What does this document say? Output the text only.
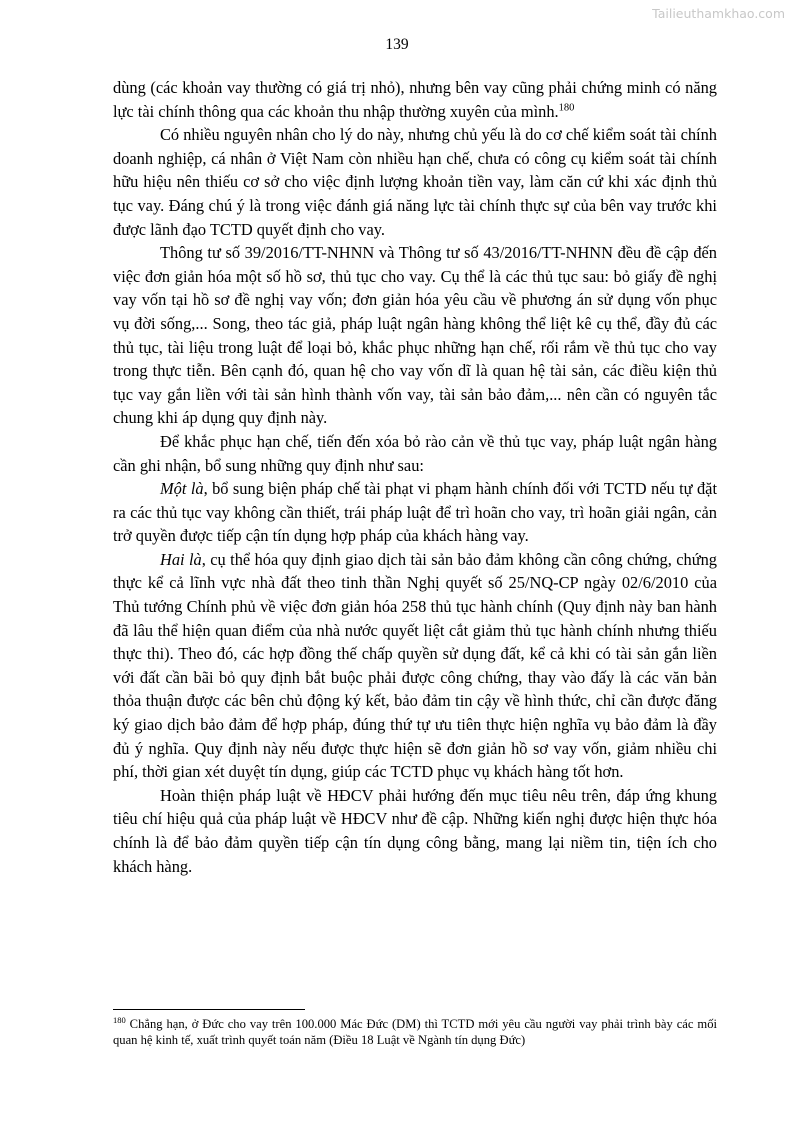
Tailieuthamkhao.com
139

dùng (các khoản vay thường có giá trị nhỏ), nhưng bên vay cũng phải chứng minh có năng lực tài chính thông qua các khoản thu nhập thường xuyên của mình.$^{180}$

Có nhiều nguyên nhân cho lý do này, nhưng chủ yếu là do cơ chế kiểm soát tài chính doanh nghiệp, cá nhân ở Việt Nam còn nhiều hạn chế, chưa có công cụ kiểm soát tài chính hữu hiệu nên thiếu cơ sở cho việc định lượng khoản tiền vay, làm căn cứ khi xác định thủ tục vay. Đáng chú ý là trong việc đánh giá năng lực tài chính thực sự của bên vay trước khi được lãnh đạo TCTD quyết định cho vay.

Thông tư số 39/2016/TT-NHNN và Thông tư số 43/2016/TT-NHNN đều đề cập đến việc đơn giản hóa một số hồ sơ, thủ tục cho vay. Cụ thể là các thủ tục sau: bỏ giấy đề nghị vay vốn tại hồ sơ đề nghị vay vốn; đơn giản hóa yêu cầu về phương án sử dụng vốn phục vụ đời sống,... Song, theo tác giả, pháp luật ngân hàng không thể liệt kê cụ thể, đầy đủ các thủ tục, tài liệu trong luật để loại bỏ, khắc phục những hạn chế, rối rắm về thủ tục cho vay trong thực tiễn. Bên cạnh đó, quan hệ cho vay vốn dĩ là quan hệ tài sản, các điều kiện thủ tục vay gắn liền với tài sản hình thành vốn vay, tài sản bảo đảm,... nên cần có nguyên tắc chung khi áp dụng quy định này.

Để khắc phục hạn chế, tiến đến xóa bỏ rào cản về thủ tục vay, pháp luật ngân hàng cần ghi nhận, bổ sung những quy định như sau:

Một là, bổ sung biện pháp chế tài phạt vi phạm hành chính đối với TCTD nếu tự đặt ra các thủ tục vay không cần thiết, trái pháp luật để trì hoãn cho vay, trì hoãn giải ngân, cản trở quyền được tiếp cận tín dụng hợp pháp của khách hàng vay.

Hai là, cụ thể hóa quy định giao dịch tài sản bảo đảm không cần công chứng, chứng thực kể cả lĩnh vực nhà đất theo tinh thần Nghị quyết số 25/NQ-CP ngày 02/6/2010 của Thủ tướng Chính phủ về việc đơn giản hóa 258 thủ tục hành chính (Quy định này ban hành đã lâu thể hiện quan điểm của nhà nước quyết liệt cắt giảm thủ tục hành chính nhưng thiếu thực thi). Theo đó, các hợp đồng thế chấp quyền sử dụng đất, kể cả khi có tài sản gắn liền với đất cần bãi bỏ quy định bắt buộc phải được công chứng, thay vào đấy là các văn bản thỏa thuận được các bên chủ động ký kết, bảo đảm tin cậy về hình thức, chỉ cần được đăng ký giao dịch bảo đảm để hợp pháp, đúng thứ tự ưu tiên thực hiện nghĩa vụ bảo đảm là đầy đủ ý nghĩa. Quy định này nếu được thực hiện sẽ đơn giản hồ sơ vay vốn, giảm nhiều chi phí, thời gian xét duyệt tín dụng, giúp các TCTD phục vụ khách hàng tốt hơn.

Hoàn thiện pháp luật về HĐCV phải hướng đến mục tiêu nêu trên, đáp ứng khung tiêu chí hiệu quả của pháp luật về HĐCV như đề cập. Những kiến nghị được hiện thực hóa chính là để bảo đảm quyền tiếp cận tín dụng công bằng, mang lại niềm tin, tiện ích cho khách hàng.

$^{180}$ Chẳng hạn, ở Đức cho vay trên 100.000 Mác Đức (DM) thì TCTD mới yêu cầu người vay phải trình bày các mối quan hệ kinh tế, xuất trình quyết toán năm (Điều 18 Luật về Ngành tín dụng Đức)
